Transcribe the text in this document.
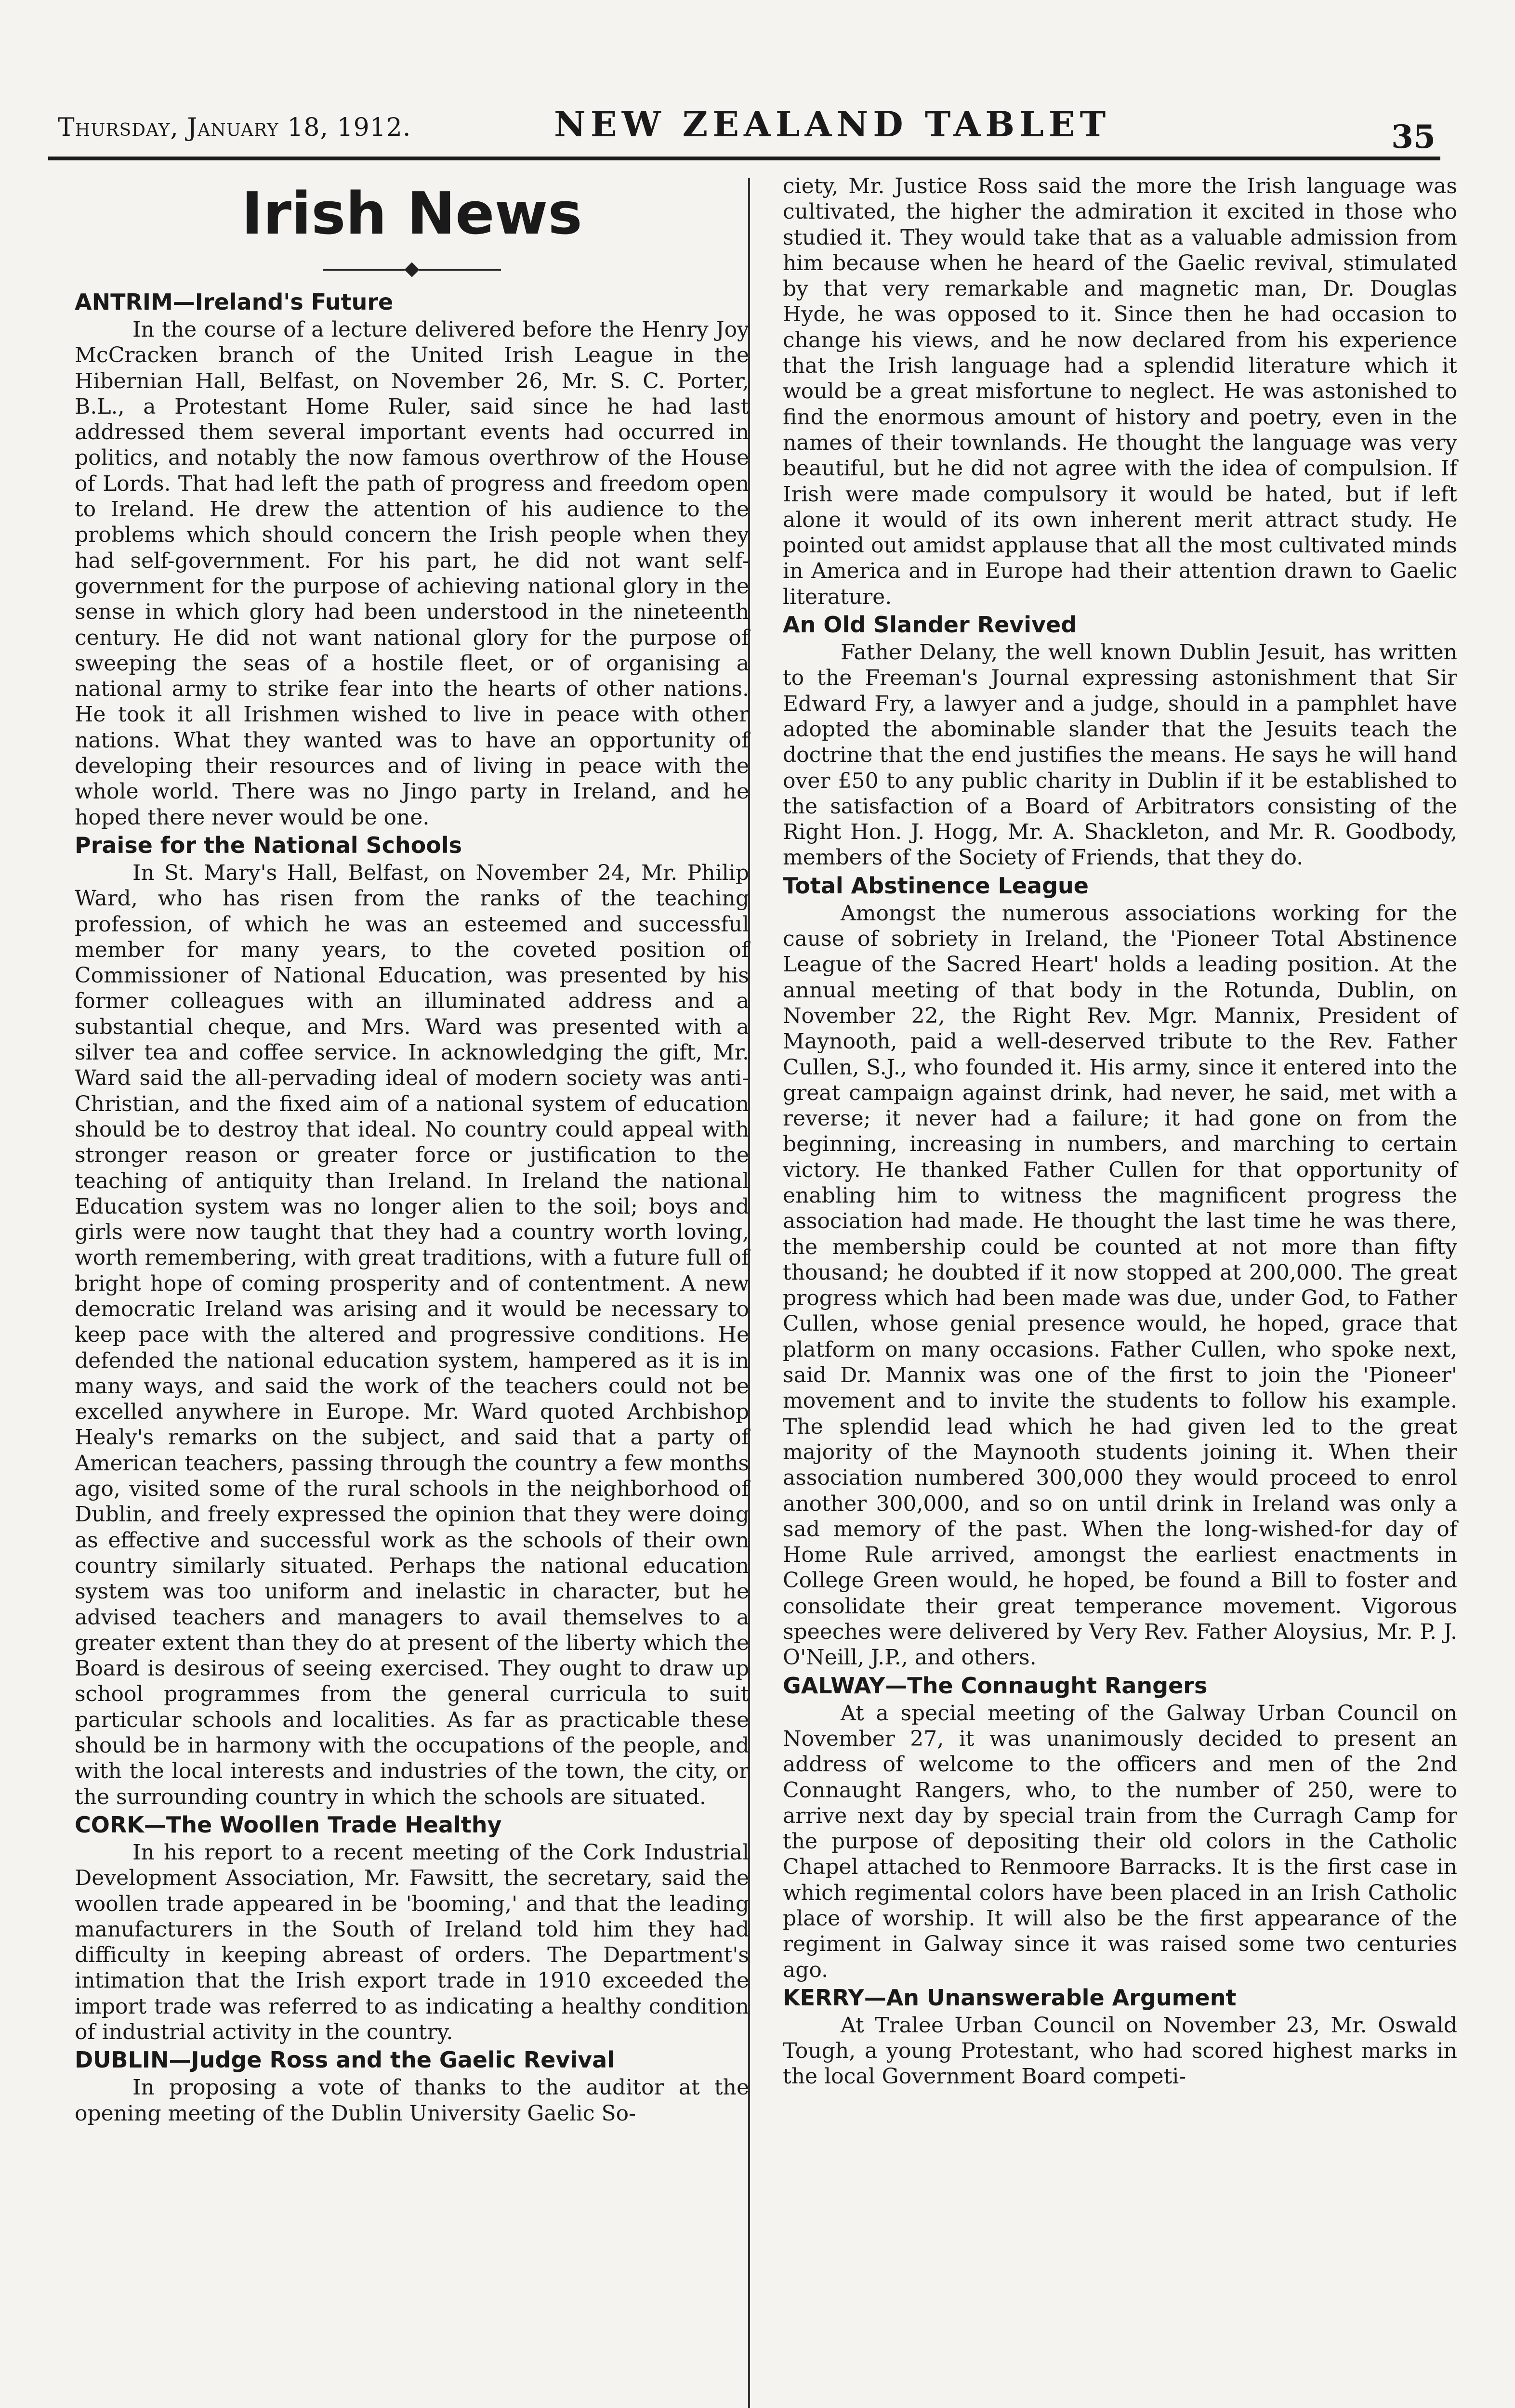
Thursday, January 18, 1912.	NEW ZEALAND TABLET	35
Irish News
ANTRIM—Ireland's Future

In the course of a lecture delivered before the Henry Joy McCracken branch of the United Irish League in the Hibernian Hall, Belfast, on November 26, Mr. S. C. Porter, B.L., a Protestant Home Ruler, said since he had last addressed them several important events had occurred in politics, and notably the now famous overthrow of the House of Lords. That had left the path of progress and freedom open to Ireland. He drew the attention of his audience to the problems which should concern the Irish people when they had self-government. For his part, he did not want self-government for the purpose of achieving national glory in the sense in which glory had been understood in the nineteenth century. He did not want national glory for the purpose of sweeping the seas of a hostile fleet, or of organising a national army to strike fear into the hearts of other nations. He took it all Irishmen wished to live in peace with other nations. What they wanted was to have an opportunity of developing their resources and of living in peace with the whole world. There was no Jingo party in Ireland, and he hoped there never would be one.

Praise for the National Schools

In St. Mary's Hall, Belfast, on November 24, Mr. Philip Ward, who has risen from the ranks of the teaching profession, of which he was an esteemed and successful member for many years, to the coveted position of Commissioner of National Education, was presented by his former colleagues with an illuminated address and a substantial cheque, and Mrs. Ward was presented with a silver tea and coffee service. In acknowledging the gift, Mr. Ward said the all-pervading ideal of modern society was anti-Christian, and the fixed aim of a national system of education should be to destroy that ideal. No country could appeal with stronger reason or greater force or justification to the teaching of antiquity than Ireland. In Ireland the national Education system was no longer alien to the soil; boys and girls were now taught that they had a country worth loving, worth remembering, with great traditions, with a future full of bright hope of coming prosperity and of contentment. A new democratic Ireland was arising and it would be necessary to keep pace with the altered and progressive conditions. He defended the national education system, hampered as it is in many ways, and said the work of the teachers could not be excelled anywhere in Europe. Mr. Ward quoted Archbishop Healy's remarks on the subject, and said that a party of American teachers, passing through the country a few months ago, visited some of the rural schools in the neighborhood of Dublin, and freely expressed the opinion that they were doing as effective and successful work as the schools of their own country similarly situated. Perhaps the national education system was too uniform and inelastic in character, but he advised teachers and managers to avail themselves to a greater extent than they do at present of the liberty which the Board is desirous of seeing exercised. They ought to draw up school programmes from the general curricula to suit particular schools and localities. As far as practicable these should be in harmony with the occupations of the people, and with the local interests and industries of the town, the city, or the surrounding country in which the schools are situated.

CORK—The Woollen Trade Healthy

In his report to a recent meeting of the Cork Industrial Development Association, Mr. Fawsitt, the secretary, said the woollen trade appeared in be 'booming,' and that the leading manufacturers in the South of Ireland told him they had difficulty in keeping abreast of orders. The Department's intimation that the Irish export trade in 1910 exceeded the import trade was referred to as indicating a healthy condition of industrial activity in the country.

DUBLIN—Judge Ross and the Gaelic Revival

In proposing a vote of thanks to the auditor at the opening meeting of the Dublin University Gaelic So-

ciety, Mr. Justice Ross said the more the Irish language was cultivated, the higher the admiration it excited in those who studied it. They would take that as a valuable admission from him because when he heard of the Gaelic revival, stimulated by that very remarkable and magnetic man, Dr. Douglas Hyde, he was opposed to it. Since then he had occasion to change his views, and he now declared from his experience that the Irish language had a splendid literature which it would be a great misfortune to neglect. He was astonished to find the enormous amount of history and poetry, even in the names of their townlands. He thought the language was very beautiful, but he did not agree with the idea of compulsion. If Irish were made compulsory it would be hated, but if left alone it would of its own inherent merit attract study. He pointed out amidst applause that all the most cultivated minds in America and in Europe had their attention drawn to Gaelic literature.

An Old Slander Revived

Father Delany, the well known Dublin Jesuit, has written to the Freeman's Journal expressing astonishment that Sir Edward Fry, a lawyer and a judge, should in a pamphlet have adopted the abominable slander that the Jesuits teach the doctrine that the end justifies the means. He says he will hand over £50 to any public charity in Dublin if it be established to the satisfaction of a Board of Arbitrators consisting of the Right Hon. J. Hogg, Mr. A. Shackleton, and Mr. R. Goodbody, members of the Society of Friends, that they do.

Total Abstinence League

Amongst the numerous associations working for the cause of sobriety in Ireland, the 'Pioneer Total Abstinence League of the Sacred Heart' holds a leading position. At the annual meeting of that body in the Rotunda, Dublin, on November 22, the Right Rev. Mgr. Mannix, President of Maynooth, paid a well-deserved tribute to the Rev. Father Cullen, S.J., who founded it. His army, since it entered into the great campaign against drink, had never, he said, met with a reverse; it never had a failure; it had gone on from the beginning, increasing in numbers, and marching to certain victory. He thanked Father Cullen for that opportunity of enabling him to witness the magnificent progress the association had made. He thought the last time he was there, the membership could be counted at not more than fifty thousand; he doubted if it now stopped at 200,000. The great progress which had been made was due, under God, to Father Cullen, whose genial presence would, he hoped, grace that platform on many occasions. Father Cullen, who spoke next, said Dr. Mannix was one of the first to join the 'Pioneer' movement and to invite the students to follow his example. The splendid lead which he had given led to the great majority of the Maynooth students joining it. When their association numbered 300,000 they would proceed to enrol another 300,000, and so on until drink in Ireland was only a sad memory of the past. When the long-wished-for day of Home Rule arrived, amongst the earliest enactments in College Green would, he hoped, be found a Bill to foster and consolidate their great temperance movement. Vigorous speeches were delivered by Very Rev. Father Aloysius, Mr. P. J. O'Neill, J.P., and others.

GALWAY—The Connaught Rangers

At a special meeting of the Galway Urban Council on November 27, it was unanimously decided to present an address of welcome to the officers and men of the 2nd Connaught Rangers, who, to the number of 250, were to arrive next day by special train from the Curragh Camp for the purpose of depositing their old colors in the Catholic Chapel attached to Renmoore Barracks. It is the first case in which regimental colors have been placed in an Irish Catholic place of worship. It will also be the first appearance of the regiment in Galway since it was raised some two centuries ago.

KERRY—An Unanswerable Argument

At Tralee Urban Council on November 23, Mr. Oswald Tough, a young Protestant, who had scored highest marks in the local Government Board competi-
